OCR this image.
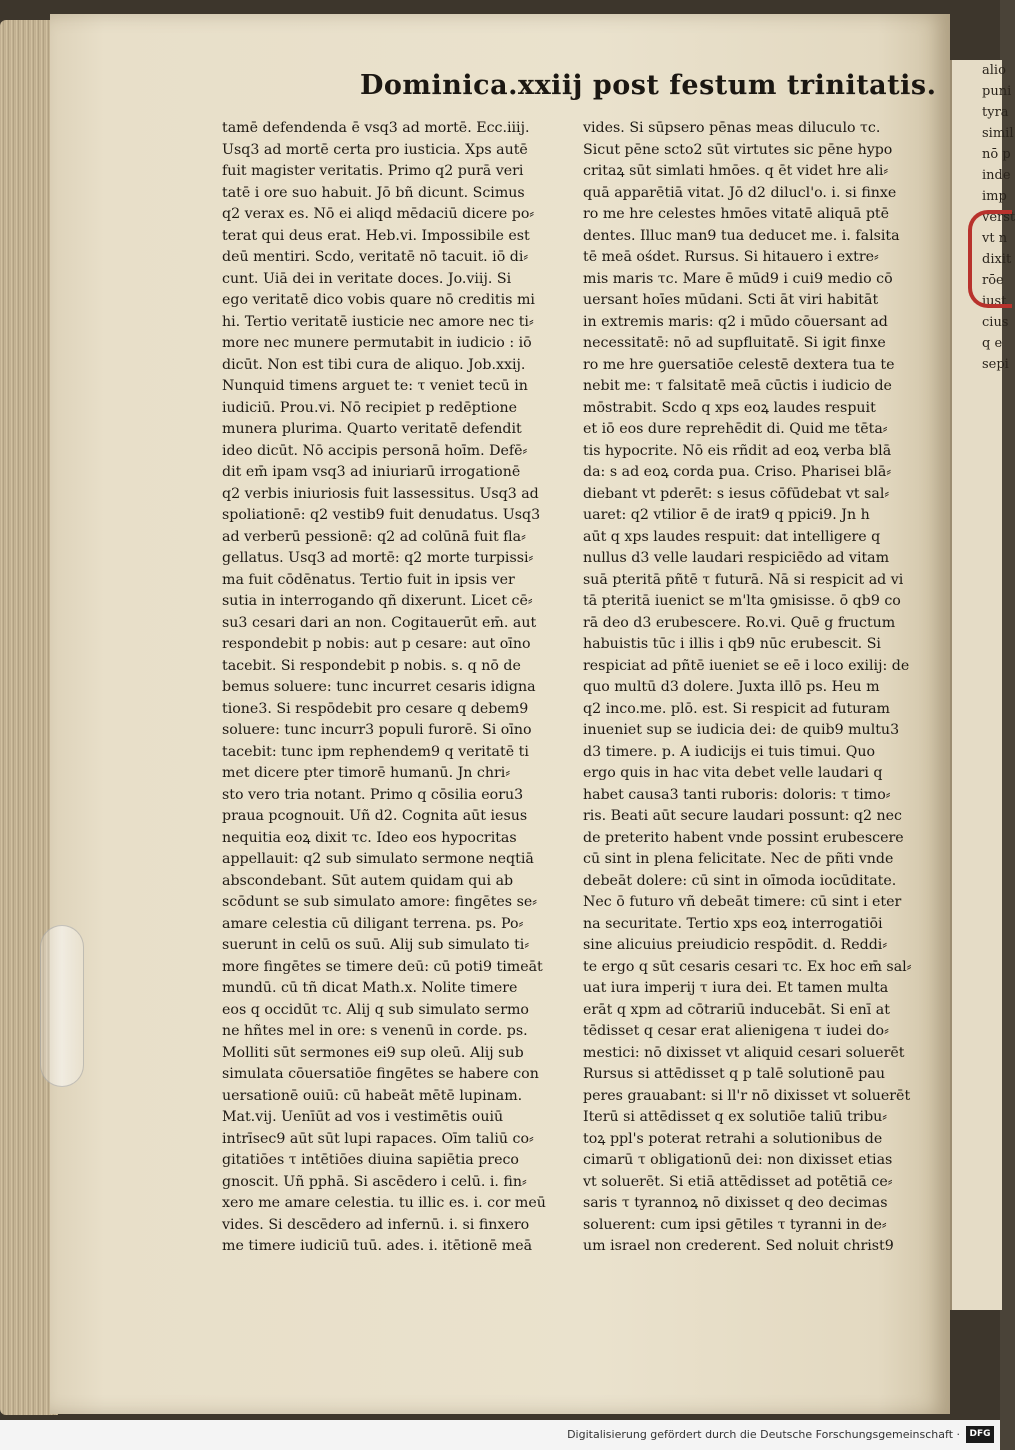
Dominica.xxiij post festum trinitatis.
tamē defendenda ē vsq3 ad mortē. Ecc.iiij.
Usq3 ad mortē certa pro iusticia. Xps autē
fuit magister veritatis. Primo q2 purā veri
tatē i ore suo habuit. Jō bñ dicunt. Scimus
q2 verax es. Nō ei aliqd mēdaciū dicere po⸗
terat qui deus erat. Heb.vi. Impossibile est
deū mentiri. Scdo, veritatē nō tacuit. iō di⸗
cunt. Uiā dei in veritate doces. Jo.viij. Si
ego veritatē dico vobis quare nō creditis mi
hi. Tertio veritatē iusticie nec amore nec ti⸗
more nec munere permutabit in iudicio : iō
dicūt. Non est tibi cura de aliquo. Job.xxij.
Nunquid timens arguet te: τ veniet tecū in
iudiciū. Prou.vi. Nō recipiet p redēptione
munera plurima. Quarto veritatē defendit
ideo dicūt. Nō accipis personā hoīm. Defē⸗
dit em̄ ipam vsq3 ad iniuriarū irrogationē
q2 verbis iniuriosis fuit lassessitus. Usq3 ad
spoliationē: q2 vestib9 fuit denudatus. Usq3
ad verberū pessionē: q2 ad colūnā fuit fla⸗
gellatus. Usq3 ad mortē: q2 morte turpissi⸗
ma fuit cōdēnatus. Tertio fuit in ipsis ver
sutia in interrogando qñ dixerunt. Licet cē⸗
su3 cesari dari an non. Cogitauerūt em̄. aut
respondebit p nobis: aut p cesare: aut oīno
tacebit. Si respondebit p nobis. s. q nō de
bemus soluere: tunc incurret cesaris idigna
tione3. Si respōdebit pro cesare q debem9
soluere: tunc incurr3 populi furorē. Si oīno
tacebit: tunc ipm rephendem9 q veritatē ti
met dicere pter timorē humanū. Jn chri⸗
sto vero tria notant. Primo q cōsilia eoru3
praua pcognouit. Uñ d2. Cognita aūt iesus
nequitia eoꝝ dixit τc. Ideo eos hypocritas
appellauit: q2 sub simulato sermone neqtiā
abscondebant. Sūt autem quidam qui ab
scōdunt se sub simulato amore: fingētes se⸗
amare celestia cū diligant terrena. ps. Po⸗
suerunt in celū os suū. Alij sub simulato ti⸗
more fingētes se timere deū: cū poti9 timeāt
mundū. cū tñ dicat Math.x. Nolite timere
eos q occidūt τc. Alij q sub simulato sermo
ne hñtes mel in ore: s venenū in corde. ps.
Molliti sūt sermones ei9 sup oleū. Alij sub
simulata cōuersatiōe fingētes se habere con
uersationē ouiū: cū habeāt mētē lupinam.
Mat.vij. Uenīūt ad vos i vestimētis ouiū
intrīsec9 aūt sūt lupi rapaces. Oīm taliū co⸗
gitatiōes τ intētiōes diuina sapiētia preco
gnoscit. Uñ pphā. Si ascēdero i celū. i. fin⸗
xero me amare celestia. tu illic es. i. cor meū
vides. Si descēdero ad infernū. i. si finxero
me timere iudiciū tuū. ades. i. itētionē meā
vides. Si sūpsero pēnas meas diluculo τc.
Sicut pēne scto2 sūt virtutes sic pēne hypo
critaꝝ sūt simlati hmōes. q ēt videt hre ali⸗
quā apparētiā vitat. Jō d2 dilucl'o. i. si finxe
ro me hre celestes hmōes vitatē aliquā ptē
dentes. Illuc man9 tua deducet me. i. falsita
tē meā ośdet. Rursus. Si hitauero i extre⸗
mis maris τc. Mare ē mūd9 i cui9 medio cō
uersant hoīes mūdani. Scti āt viri habitāt
in extremis maris: q2 i mūdo cōuersant ad
necessitatē: nō ad supfluitatē. Si igit finxe
ro me hre ꝯuersatiōe celestē dextera tua te
nebit me: τ falsitatē meā cūctis i iudicio de
mōstrabit. Scdo q xps eoꝝ laudes respuit
et iō eos dure reprehēdit di. Quid me tēta⸗
tis hypocrite. Nō eis rñdit ad eoꝝ verba blā
da: s ad eoꝝ corda pua. Criso. Pharisei blā⸗
diebant vt pderēt: s iesus cōfūdebat vt sal⸗
uaret: q2 vtilior ē de irat9 q ppici9. Jn h
aūt q xps laudes respuit: dat intelligere q
nullus d3 velle laudari respiciēdo ad vitam
suā pteritā pñtē τ futurā. Nā si respicit ad vi
tā pteritā iuenict se m'lta ꝯmisisse. ō qb9 co
rā deo d3 erubescere. Ro.vi. Quē g fructum
habuistis tūc i illis i qb9 nūc erubescit. Si
respiciat ad pñtē iueniet se eē i loco exilij: de
quo multū d3 dolere. Juxta illō ps. Heu m
q2 inco.me. plō. est. Si respicit ad futuram
inueniet sup se iudicia dei: de quib9 multu3
d3 timere. p. A iudicijs ei tuis timui. Quo
ergo quis in hac vita debet velle laudari q
habet causa3 tanti ruboris: doloris: τ timo⸗
ris. Beati aūt secure laudari possunt: q2 nec
de preterito habent vnde possint erubescere
cū sint in plena felicitate. Nec de pñti vnde
debeāt dolere: cū sint in oīmoda iocūditate.
Nec ō futuro vñ debeāt timere: cū sint i eter
na securitate. Tertio xps eoꝝ interrogatiōi
sine alicuius preiudicio respōdit. d. Reddi⸗
te ergo q sūt cesaris cesari τc. Ex hoc em̄ sal⸗
uat iura imperij τ iura dei. Et tamen multa
erāt q xpm ad cōtrariū inducebāt. Si enī at
tēdisset q cesar erat alienigena τ iudei do⸗
mestici: nō dixisset vt aliquid cesari soluerēt
Rursus si attēdisset q p talē solutionē pau
peres grauabant: si ll'r nō dixisset vt soluerēt
Iterū si attēdisset q ex solutiōe taliū tribu⸗
toꝝ ppl's poterat retrahi a solutionibus de
cimarū τ obligationū dei: non dixisset etias
vt soluerēt. Si etiā attēdisset ad potētiā ce⸗
saris τ tyrannoꝝ nō dixisset q deo decimas
soluerent: cum ipsi gētiles τ tyranni in de⸗
um israel non crederent. Sed noluit christ9
alio
puni
tyra
simil
nō p
inde
imp
verst
vt n
dixit
rōe
iust
cius
q e
sepi
Digitalisierung gefördert durch die Deutsche Forschungsgemeinschaft ·	DFG
